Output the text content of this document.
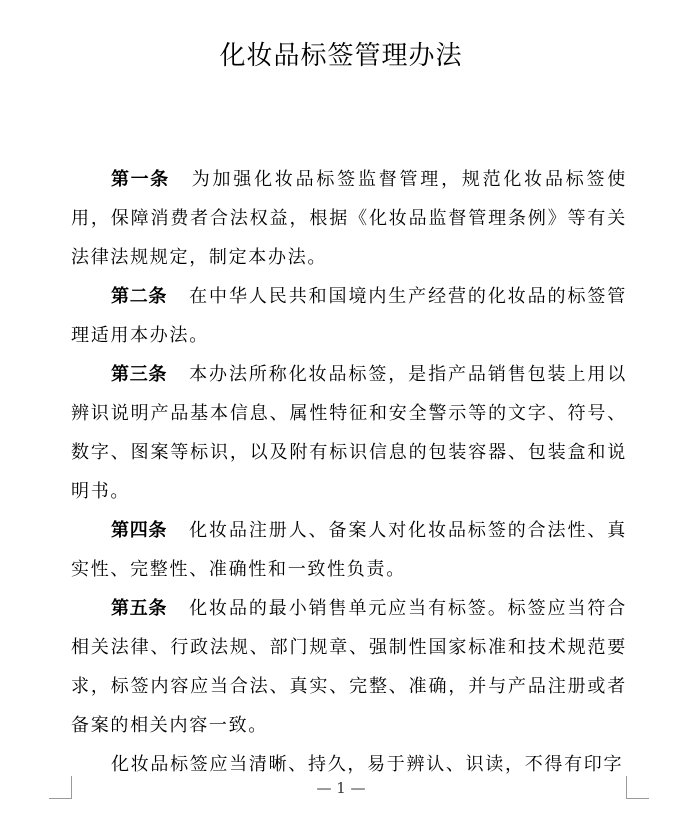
化妆品标签管理办法

第一条 为加强化妆品标签监督管理，规范化妆品标签使用，保障消费者合法权益，根据《化妆品监督管理条例》等有关法律法规规定，制定本办法。

第二条 在中华人民共和国境内生产经营的化妆品的标签管理适用本办法。

第三条 本办法所称化妆品标签，是指产品销售包装上用以辨识说明产品基本信息、属性特征和安全警示等的文字、符号、数字、图案等标识，以及附有标识信息的包装容器、包装盒和说明书。

第四条 化妆品注册人、备案人对化妆品标签的合法性、真实性、完整性、准确性和一致性负责。

第五条 化妆品的最小销售单元应当有标签。标签应当符合相关法律、行政法规、部门规章、强制性国家标准和技术规范要求，标签内容应当合法、真实、完整、准确，并与产品注册或者备案的相关内容一致。

化妆品标签应当清晰、持久，易于辨认、识读，不得有印字

— 1 —
